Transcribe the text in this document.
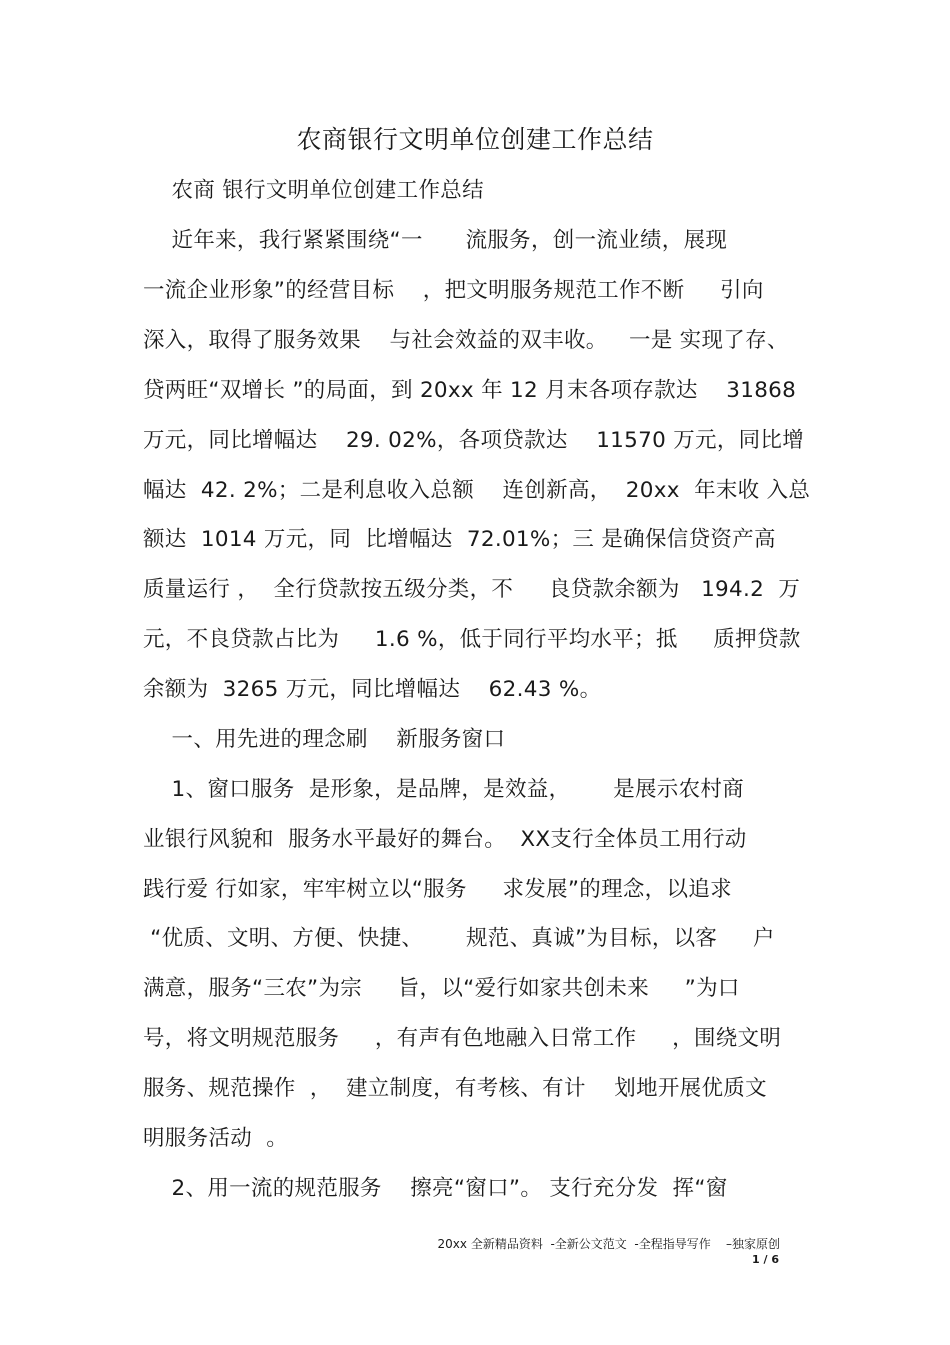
农商银行文明单位创建工作总结
农商 银行文明单位创建工作总结
近年来，我行紧紧围绕“一      流服务，创一流业绩，展现
一流企业形象”的经营目标    ，把文明服务规范工作不断     引向
深入，取得了服务效果    与社会效益的双丰收。   一是 实现了存、
贷两旺“双增长 ”的局面，到 20xx 年 12 月末各项存款达    31868
万元，同比增幅达    29. 02%，各项贷款达    11570 万元，同比增
幅达  42. 2%；二是利息收入总额    连创新高，  20xx  年末收 入总
额达  1014 万元，同  比增幅达  72.01%；三 是确保信贷资产高
质量运行 ，  全行贷款按五级分类，不     良贷款余额为   194.2  万
元，不良贷款占比为     1.6 %，低于同行平均水平；抵     质押贷款
余额为  3265 万元，同比增幅达    62.43 %。
一、用先进的理念刷    新服务窗口
1、窗口服务  是形象，是品牌，是效益，      是展示农村商
业银行风貌和  服务水平最好的舞台。  XX支行全体员工用行动
践行爱 行如家，牢牢树立以“服务     求发展”的理念，以追求
“优质、文明、方便、快捷、      规范、真诚”为目标，以客     户
满意，服务“三农”为宗     旨，以“爱行如家共创未来     ”为口
号，将文明规范服务     ，有声有色地融入日常工作     ，围绕文明
服务、规范操作  ，  建立制度，有考核、有计    划地开展优质文
明服务活动  。
2、用一流的规范服务    擦亮“窗口”。 支行充分发  挥“窗
20xx 全新精品资料  -全新公文范文  -全程指导写作    –独家原创
1 / 6
